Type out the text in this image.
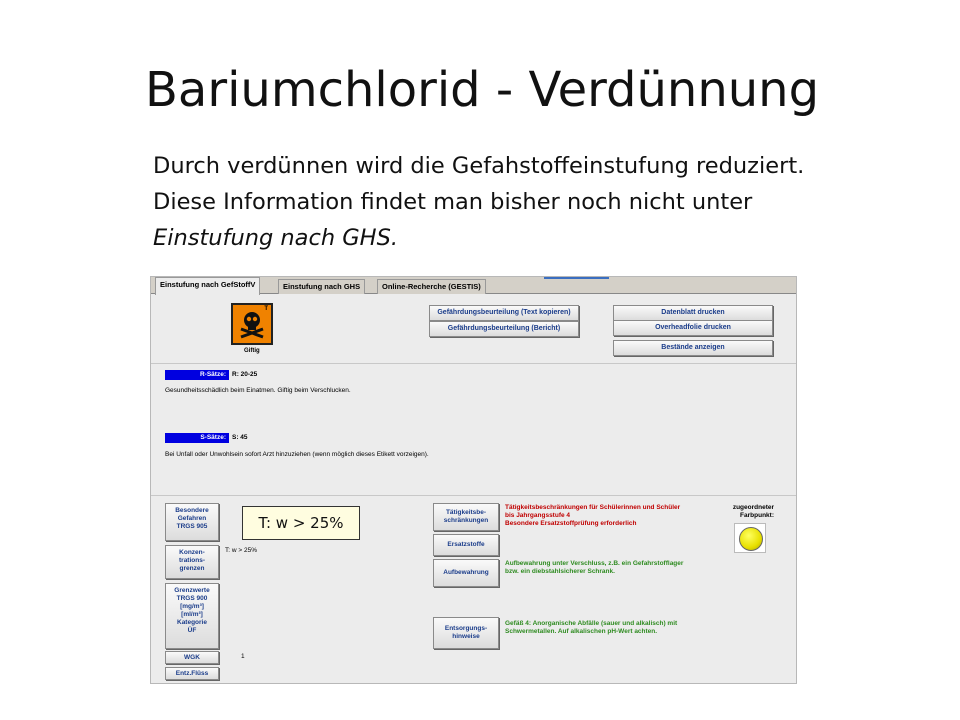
Bariumchlorid - Verdünnung
Durch verdünnen wird die Gefahstoffeinstufung reduziert.
Diese Information findet man bisher noch nicht unter
Einstufung nach GHS.
Einstufung nach GefStoffV	Einstufung nach GHS	Online-Recherche (GESTIS)
T
Giftig
Gefährdungsbeurteilung (Text kopieren)
Gefährdungsbeurteilung (Bericht)
Datenblatt drucken
Overheadfolie drucken
Bestände anzeigen
R-Sätze: R: 20-25
Gesundheitsschädlich beim Einatmen. Giftig beim Verschlucken.
S-Sätze: S: 45
Bei Unfall oder Unwohlsein sofort Arzt hinzuziehen (wenn möglich dieses Etikett vorzeigen).
Besondere
Gefahren
TRGS 905
Konzen-
trations-
grenzen
T: w > 25%
Grenzwerte
TRGS 900
[mg/m³]
[ml/m³]
Kategorie
ÜF
WGK	1
Entz.Flüss
Tätigkeitsbe-
schränkungen
Ersatzstoffe
Aufbewahrung
Entsorgungs-
hinweise
Tätigkeitsbeschränkungen für Schülerinnen und Schüler
bis Jahrgangsstufe 4
Besondere Ersatzstoffprüfung erforderlich
Aufbewahrung unter Verschluss, z.B. ein Gefahrstofflager
bzw. ein diebstahlsicherer Schrank.
Gefäß 4: Anorganische Abfälle (sauer und alkalisch) mit
Schwermetallen. Auf alkalischen pH-Wert achten.
zugeordneter
Farbpunkt:
T: w > 25%
